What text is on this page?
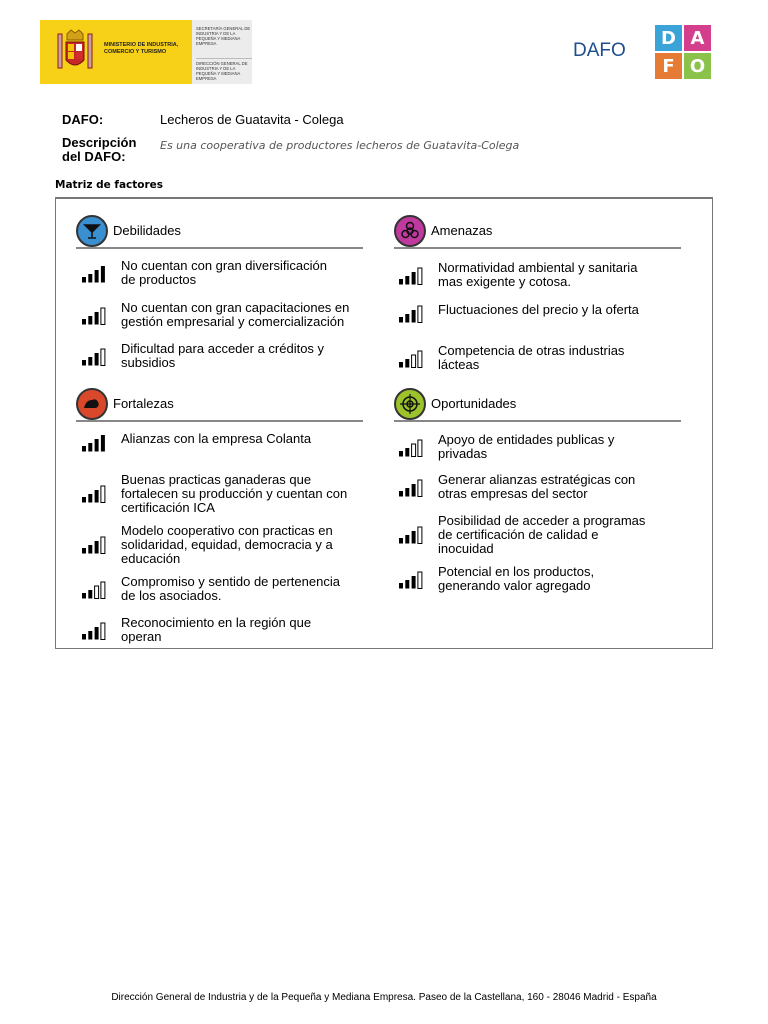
MINISTERIO DE INDUSTRIA, COMERCIO Y TURISMO
SECRETARÍA GENERAL DE INDUSTRIA Y DE LA PEQUEÑA Y MEDIANA EMPRESA
DIRECCIÓN GENERAL DE INDUSTRIA Y DE LA PEQUEÑA Y MEDIANA EMPRESA
DAFO
D A
F O
DAFO:	Lecheros de Guatavita - Colega
Descripción
del DAFO:
Es una cooperativa de productores lecheros de Guatavita-Colega
Matriz de factores
Debilidades
No cuentan con gran diversificación
de productos
No cuentan con gran capacitaciones en
gestión empresarial y comercialización
Dificultad para acceder a créditos y
subsidios
Amenazas
Normatividad ambiental y sanitaria
mas exigente y cotosa.
Fluctuaciones del precio y la oferta
Competencia de otras industrias
lácteas
Fortalezas
Alianzas con la empresa Colanta
Buenas practicas ganaderas que
fortalecen su producción y cuentan con
certificación ICA
Modelo cooperativo con practicas en
solidaridad, equidad, democracia y a
educación
Compromiso y sentido de pertenencia
de los asociados.
Reconocimiento en la región que
operan
Oportunidades
Apoyo de entidades publicas y
privadas
Generar alianzas estratégicas con
otras empresas del sector
Posibilidad de acceder a programas
de certificación de calidad e
inocuidad
Potencial en los productos,
generando valor agregado
Dirección General de Industria y de la Pequeña y Mediana Empresa. Paseo de la Castellana, 160 - 28046 Madrid - España
